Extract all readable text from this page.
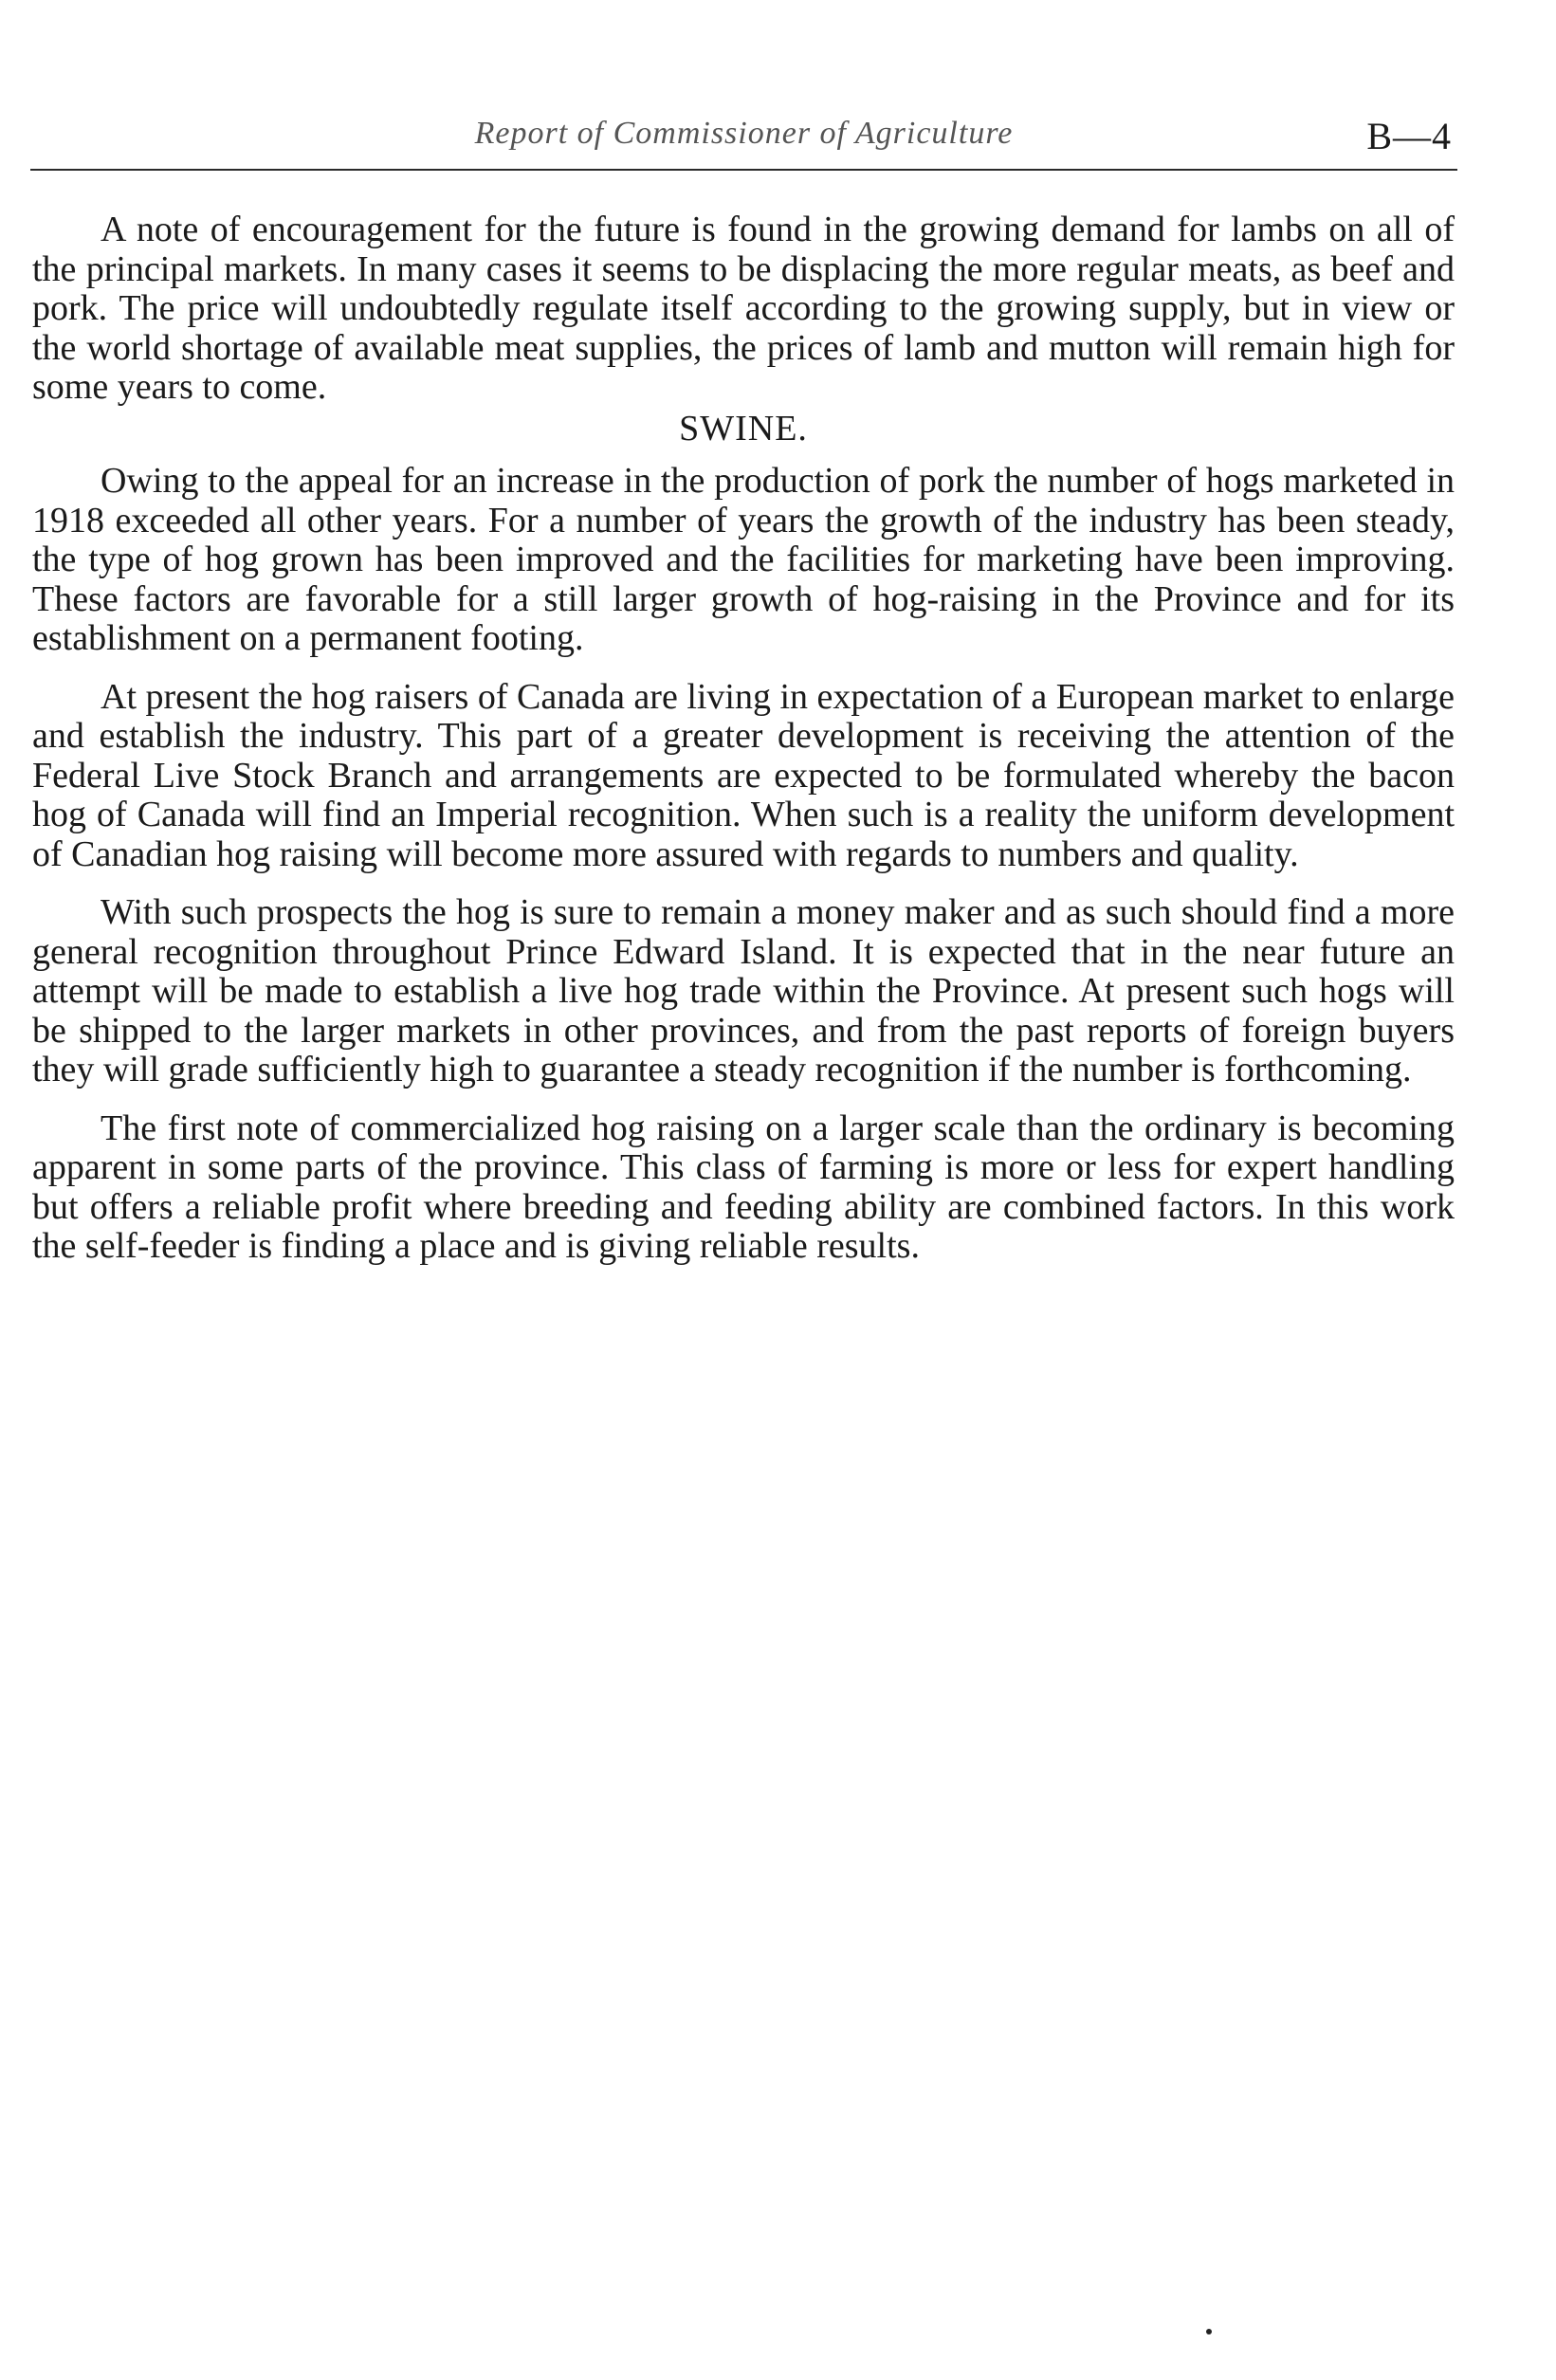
Report of Commissioner of Agriculture	B—4

A note of encouragement for the future is found in the growing demand for lambs on all of the principal markets. In many cases it seems to be displacing the more regular meats, as beef and pork. The price will undoubtedly regulate itself according to the growing supply, but in view or the world shortage of available meat supplies, the prices of lamb and mutton will remain high for some years to come.

SWINE.

Owing to the appeal for an increase in the production of pork the number of hogs marketed in 1918 exceeded all other years. For a number of years the growth of the industry has been steady, the type of hog grown has been improved and the facilities for marketing have been improving. These factors are favorable for a still larger growth of hog-raising in the Province and for its establishment on a permanent footing.

At present the hog raisers of Canada are living in expectation of a European market to enlarge and establish the industry. This part of a greater development is receiving the attention of the Federal Live Stock Branch and arrangements are expected to be formulated whereby the bacon hog of Canada will find an Imperial recognition. When such is a reality the uniform development of Canadian hog raising will become more assured with regards to numbers and quality.

With such prospects the hog is sure to remain a money maker and as such should find a more general recognition throughout Prince Edward Island. It is expected that in the near future an attempt will be made to establish a live hog trade within the Province. At present such hogs will be shipped to the larger markets in other provinces, and from the past reports of foreign buyers they will grade sufficiently high to guarantee a steady recognition if the number is forthcoming.

The first note of commercialized hog raising on a larger scale than the ordinary is becoming apparent in some parts of the province. This class of farming is more or less for expert handling but offers a reliable profit where breeding and feeding ability are combined factors. In this work the self-feeder is finding a place and is giving reliable results.
